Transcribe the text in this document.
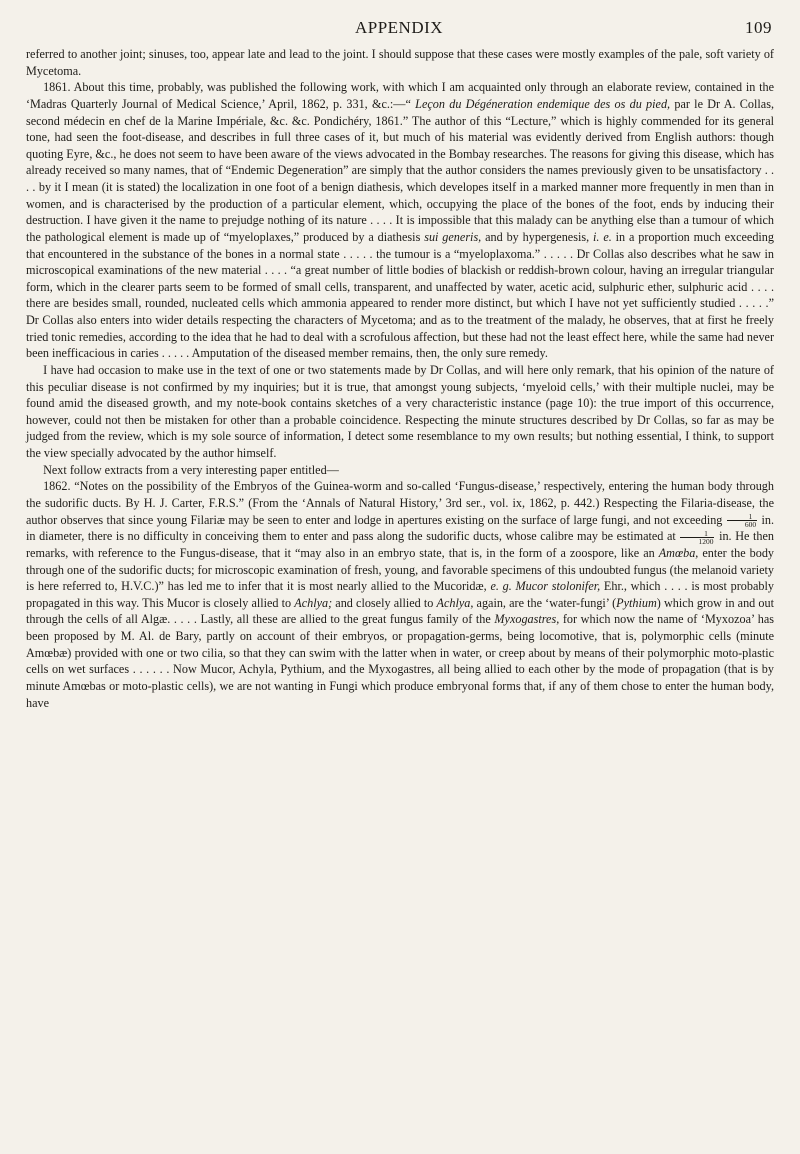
APPENDIX	109

referred to another joint; sinuses, too, appear late and lead to the joint. I should suppose that these cases were mostly examples of the pale, soft variety of Mycetoma.

1861. About this time, probably, was published the following work, with which I am acquainted only through an elaborate review, contained in the ‘Madras Quarterly Journal of Medical Science,’ April, 1862, p. 331, &c.:—“ Leçon du Dégéneration endemique des os du pied, par le Dr A. Collas, second médecin en chef de la Marine Impériale, &c. &c. Pondichéry, 1861.” The author of this “Lecture,” which is highly commended for its general tone, had seen the foot-disease, and describes in full three cases of it, but much of his material was evidently derived from English authors: though quoting Eyre, &c., he does not seem to have been aware of the views advocated in the Bombay researches. The reasons for giving this disease, which has already received so many names, that of “Endemic Degeneration” are simply that the author considers the names previously given to be unsatisfactory . . . . by it I mean (it is stated) the localization in one foot of a benign diathesis, which developes itself in a marked manner more frequently in men than in women, and is characterised by the production of a particular element, which, occupying the place of the bones of the foot, ends by inducing their destruction. I have given it the name to prejudge nothing of its nature . . . . It is impossible that this malady can be anything else than a tumour of which the pathological element is made up of “myeloplaxes,” produced by a diathesis sui generis, and by hypergenesis, i. e. in a proportion much exceeding that encountered in the substance of the bones in a normal state . . . . . the tumour is a “myeloplaxoma.” . . . . . Dr Collas also describes what he saw in microscopical examinations of the new material . . . . “a great number of little bodies of blackish or reddish-brown colour, having an irregular triangular form, which in the clearer parts seem to be formed of small cells, transparent, and unaffected by water, acetic acid, sulphuric ether, sulphuric acid . . . . there are besides small, rounded, nucleated cells which ammonia appeared to render more distinct, but which I have not yet sufficiently studied . . . . .” Dr Collas also enters into wider details respecting the characters of Mycetoma; and as to the treatment of the malady, he observes, that at first he freely tried tonic remedies, according to the idea that he had to deal with a scrofulous affection, but these had not the least effect here, while the same had never been inefficacious in caries . . . . . Amputation of the diseased member remains, then, the only sure remedy.

I have had occasion to make use in the text of one or two statements made by Dr Collas, and will here only remark, that his opinion of the nature of this peculiar disease is not confirmed by my inquiries; but it is true, that amongst young subjects, ‘myeloid cells,’ with their multiple nuclei, may be found amid the diseased growth, and my note-book contains sketches of a very characteristic instance (page 10): the true import of this occurrence, however, could not then be mistaken for other than a probable coincidence. Respecting the minute structures described by Dr Collas, so far as may be judged from the review, which is my sole source of information, I detect some resemblance to my own results; but nothing essential, I think, to support the view specially advocated by the author himself.

Next follow extracts from a very interesting paper entitled—

1862. “Notes on the possibility of the Embryos of the Guinea-worm and so-called ‘Fungus-disease,’ respectively, entering the human body through the sudorific ducts. By H. J. Carter, F.R.S.” (From the ‘Annals of Natural History,’ 3rd ser., vol. ix, 1862, p. 442.) Respecting the Filaria-disease, the author observes that since young Filariæ may be seen to enter and lodge in apertures existing on the surface of large fungi, and not exceeding $\frac{1}{600}$ in. in diameter, there is no difficulty in conceiving them to enter and pass along the sudorific ducts, whose calibre may be estimated at $\frac{1}{1200}$ in. He then remarks, with reference to the Fungus-disease, that it “may also in an embryo state, that is, in the form of a zoospore, like an Amœba, enter the body through one of the sudorific ducts; for microscopic examination of fresh, young, and favorable specimens of this undoubted fungus (the melanoid variety is here referred to, H.V.C.)” has led me to infer that it is most nearly allied to the Mucoridæ, e. g. Mucor stolonifer, Ehr., which . . . . is most probably propagated in this way. This Mucor is closely allied to Achlya; and closely allied to Achlya, again, are the ‘water-fungi’ (Pythium) which grow in and out through the cells of all Algæ. . . . . Lastly, all these are allied to the great fungus family of the Myxogastres, for which now the name of ‘Myxozoa’ has been proposed by M. Al. de Bary, partly on account of their embryos, or propagation-germs, being locomotive, that is, polymorphic cells (minute Amœbæ) provided with one or two cilia, so that they can swim with the latter when in water, or creep about by means of their polymorphic moto-plastic cells on wet surfaces . . . . . . Now Mucor, Achyla, Pythium, and the Myxogastres, all being allied to each other by the mode of propagation (that is by minute Amœbas or moto-plastic cells), we are not wanting in Fungi which produce embryonal forms that, if any of them chose to enter the human body, have
